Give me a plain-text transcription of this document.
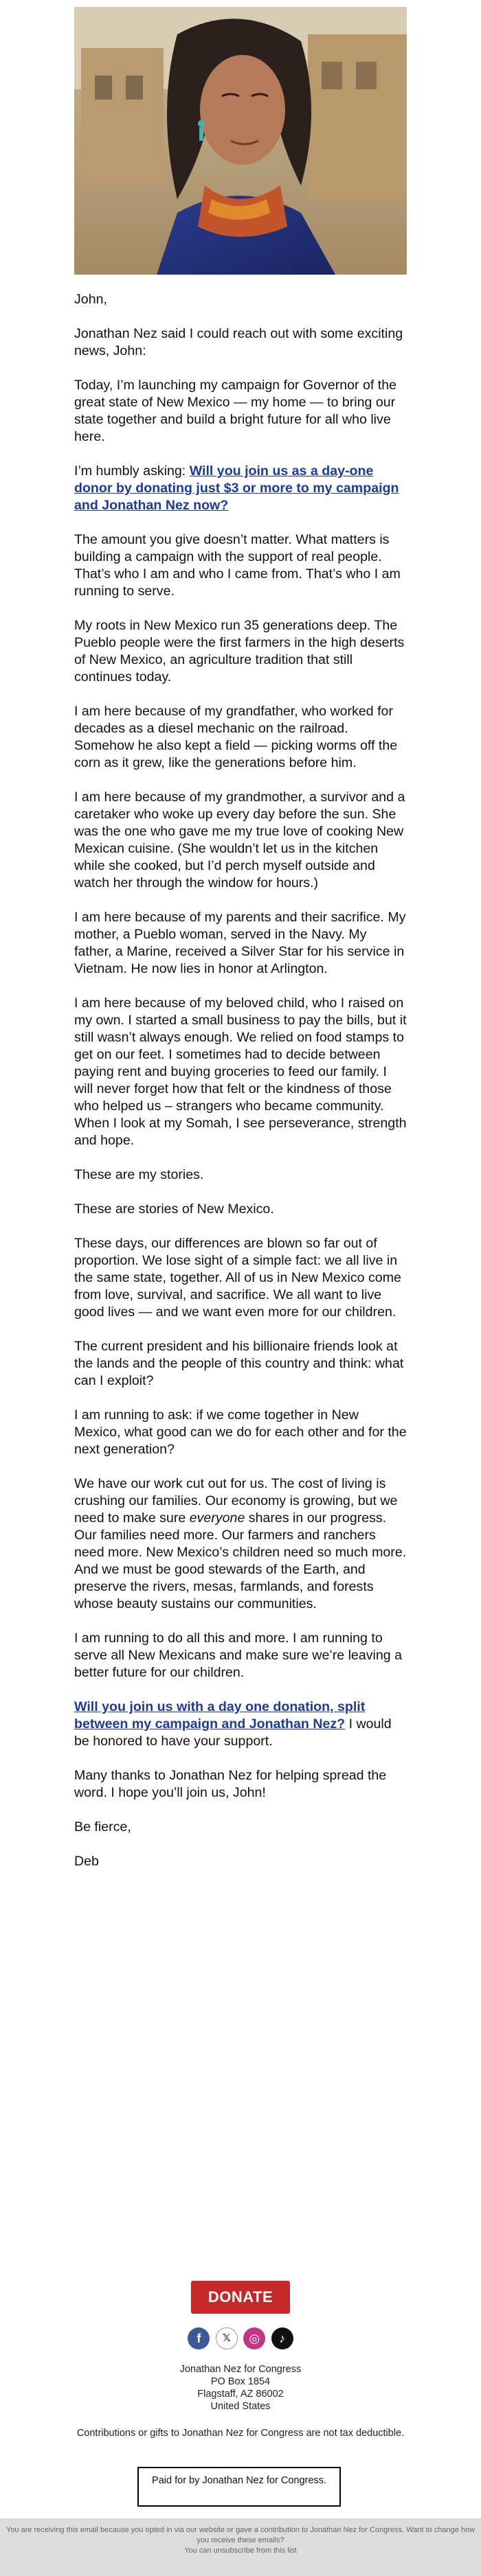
John,

Jonathan Nez said I could reach out with some exciting news, John:

Today, I’m launching my campaign for Governor of the great state of New Mexico — my home — to bring our state together and build a bright future for all who live here.

I’m humbly asking: Will you join us as a day-one donor by donating just $3 or more to my campaign and Jonathan Nez now?

The amount you give doesn’t matter. What matters is building a campaign with the support of real people. That’s who I am and who I came from. That’s who I am running to serve.

My roots in New Mexico run 35 generations deep. The Pueblo people were the first farmers in the high deserts of New Mexico, an agriculture tradition that still continues today.

I am here because of my grandfather, who worked for decades as a diesel mechanic on the railroad. Somehow he also kept a field — picking worms off the corn as it grew, like the generations before him.

I am here because of my grandmother, a survivor and a caretaker who woke up every day before the sun. She was the one who gave me my true love of cooking New Mexican cuisine. (She wouldn’t let us in the kitchen while she cooked, but I’d perch myself outside and watch her through the window for hours.)

I am here because of my parents and their sacrifice. My mother, a Pueblo woman, served in the Navy. My father, a Marine, received a Silver Star for his service in Vietnam. He now lies in honor at Arlington.

I am here because of my beloved child, who I raised on my own. I started a small business to pay the bills, but it still wasn’t always enough. We relied on food stamps to get on our feet. I sometimes had to decide between paying rent and buying groceries to feed our family. I will never forget how that felt or the kindness of those who helped us – strangers who became community. When I look at my Somah, I see perseverance, strength and hope.

These are my stories.

These are stories of New Mexico.

These days, our differences are blown so far out of proportion. We lose sight of a simple fact: we all live in the same state, together. All of us in New Mexico come from love, survival, and sacrifice. We all want to live good lives — and we want even more for our children.

The current president and his billionaire friends look at the lands and the people of this country and think: what can I exploit?

I am running to ask: if we come together in New Mexico, what good can we do for each other and for the next generation?

We have our work cut out for us. The cost of living is crushing our families. Our economy is growing, but we need to make sure everyone shares in our progress. Our families need more. Our farmers and ranchers need more. New Mexico’s children need so much more. And we must be good stewards of the Earth, and preserve the rivers, mesas, farmlands, and forests whose beauty sustains our communities.

I am running to do all this and more. I am running to serve all New Mexicans and make sure we’re leaving a better future for our children.

Will you join us with a day one donation, split between my campaign and Jonathan Nez? I would be honored to have your support.

Many thanks to Jonathan Nez for helping spread the word. I hope you’ll join us, John!

Be fierce,

Deb

DONATE
f 𝕏 ◎ ♪
Jonathan Nez for Congress
PO Box 1854
Flagstaff, AZ 86002
United States
Contributions or gifts to Jonathan Nez for Congress are not tax deductible.
Paid for by Jonathan Nez for Congress.
You are receiving this email because you opted in via our website or gave a contribution to Jonathan Nez for Congress. Want to change how you receive these emails?
You can unsubscribe from this list
